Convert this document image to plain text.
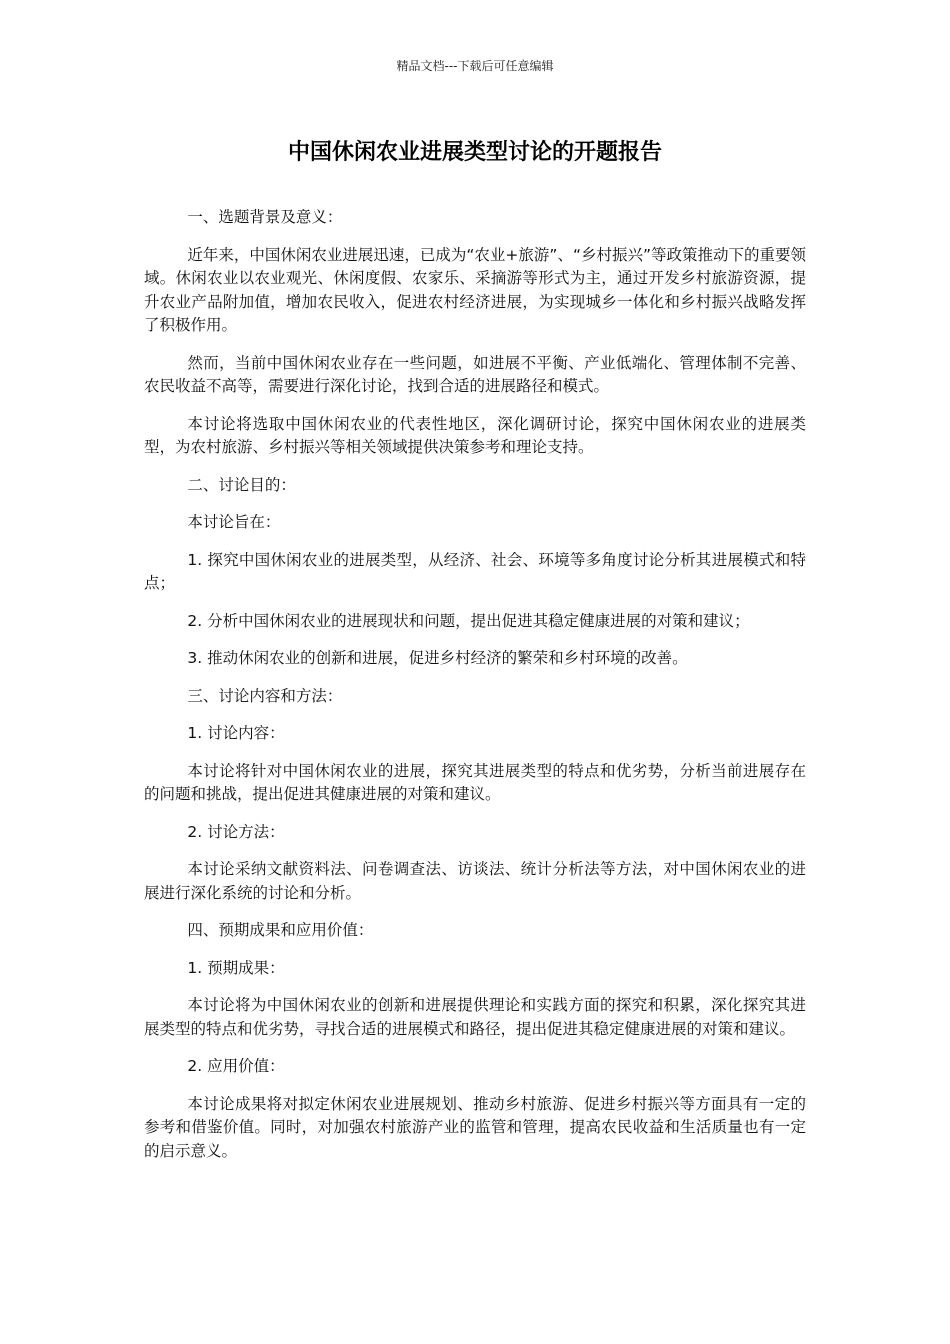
精品文档---下载后可任意编辑
中国休闲农业进展类型讨论的开题报告

一、选题背景及意义：

近年来，中国休闲农业进展迅速，已成为“农业+旅游”、“乡村振兴”等政策推动下的重要领域。休闲农业以农业观光、休闲度假、农家乐、采摘游等形式为主，通过开发乡村旅游资源，提升农业产品附加值，增加农民收入，促进农村经济进展，为实现城乡一体化和乡村振兴战略发挥了积极作用。

然而，当前中国休闲农业存在一些问题，如进展不平衡、产业低端化、管理体制不完善、农民收益不高等，需要进行深化讨论，找到合适的进展路径和模式。

本讨论将选取中国休闲农业的代表性地区，深化调研讨论，探究中国休闲农业的进展类型，为农村旅游、乡村振兴等相关领域提供决策参考和理论支持。

二、讨论目的：

本讨论旨在：

1. 探究中国休闲农业的进展类型，从经济、社会、环境等多角度讨论分析其进展模式和特点；

2. 分析中国休闲农业的进展现状和问题，提出促进其稳定健康进展的对策和建议；

3. 推动休闲农业的创新和进展，促进乡村经济的繁荣和乡村环境的改善。

三、讨论内容和方法：

1. 讨论内容：

本讨论将针对中国休闲农业的进展，探究其进展类型的特点和优劣势，分析当前进展存在的问题和挑战，提出促进其健康进展的对策和建议。

2. 讨论方法：

本讨论采纳文献资料法、问卷调查法、访谈法、统计分析法等方法，对中国休闲农业的进展进行深化系统的讨论和分析。

四、预期成果和应用价值：

1. 预期成果：

本讨论将为中国休闲农业的创新和进展提供理论和实践方面的探究和积累，深化探究其进展类型的特点和优劣势，寻找合适的进展模式和路径，提出促进其稳定健康进展的对策和建议。

2. 应用价值：

本讨论成果将对拟定休闲农业进展规划、推动乡村旅游、促进乡村振兴等方面具有一定的参考和借鉴价值。同时，对加强农村旅游产业的监管和管理，提高农民收益和生活质量也有一定的启示意义。
